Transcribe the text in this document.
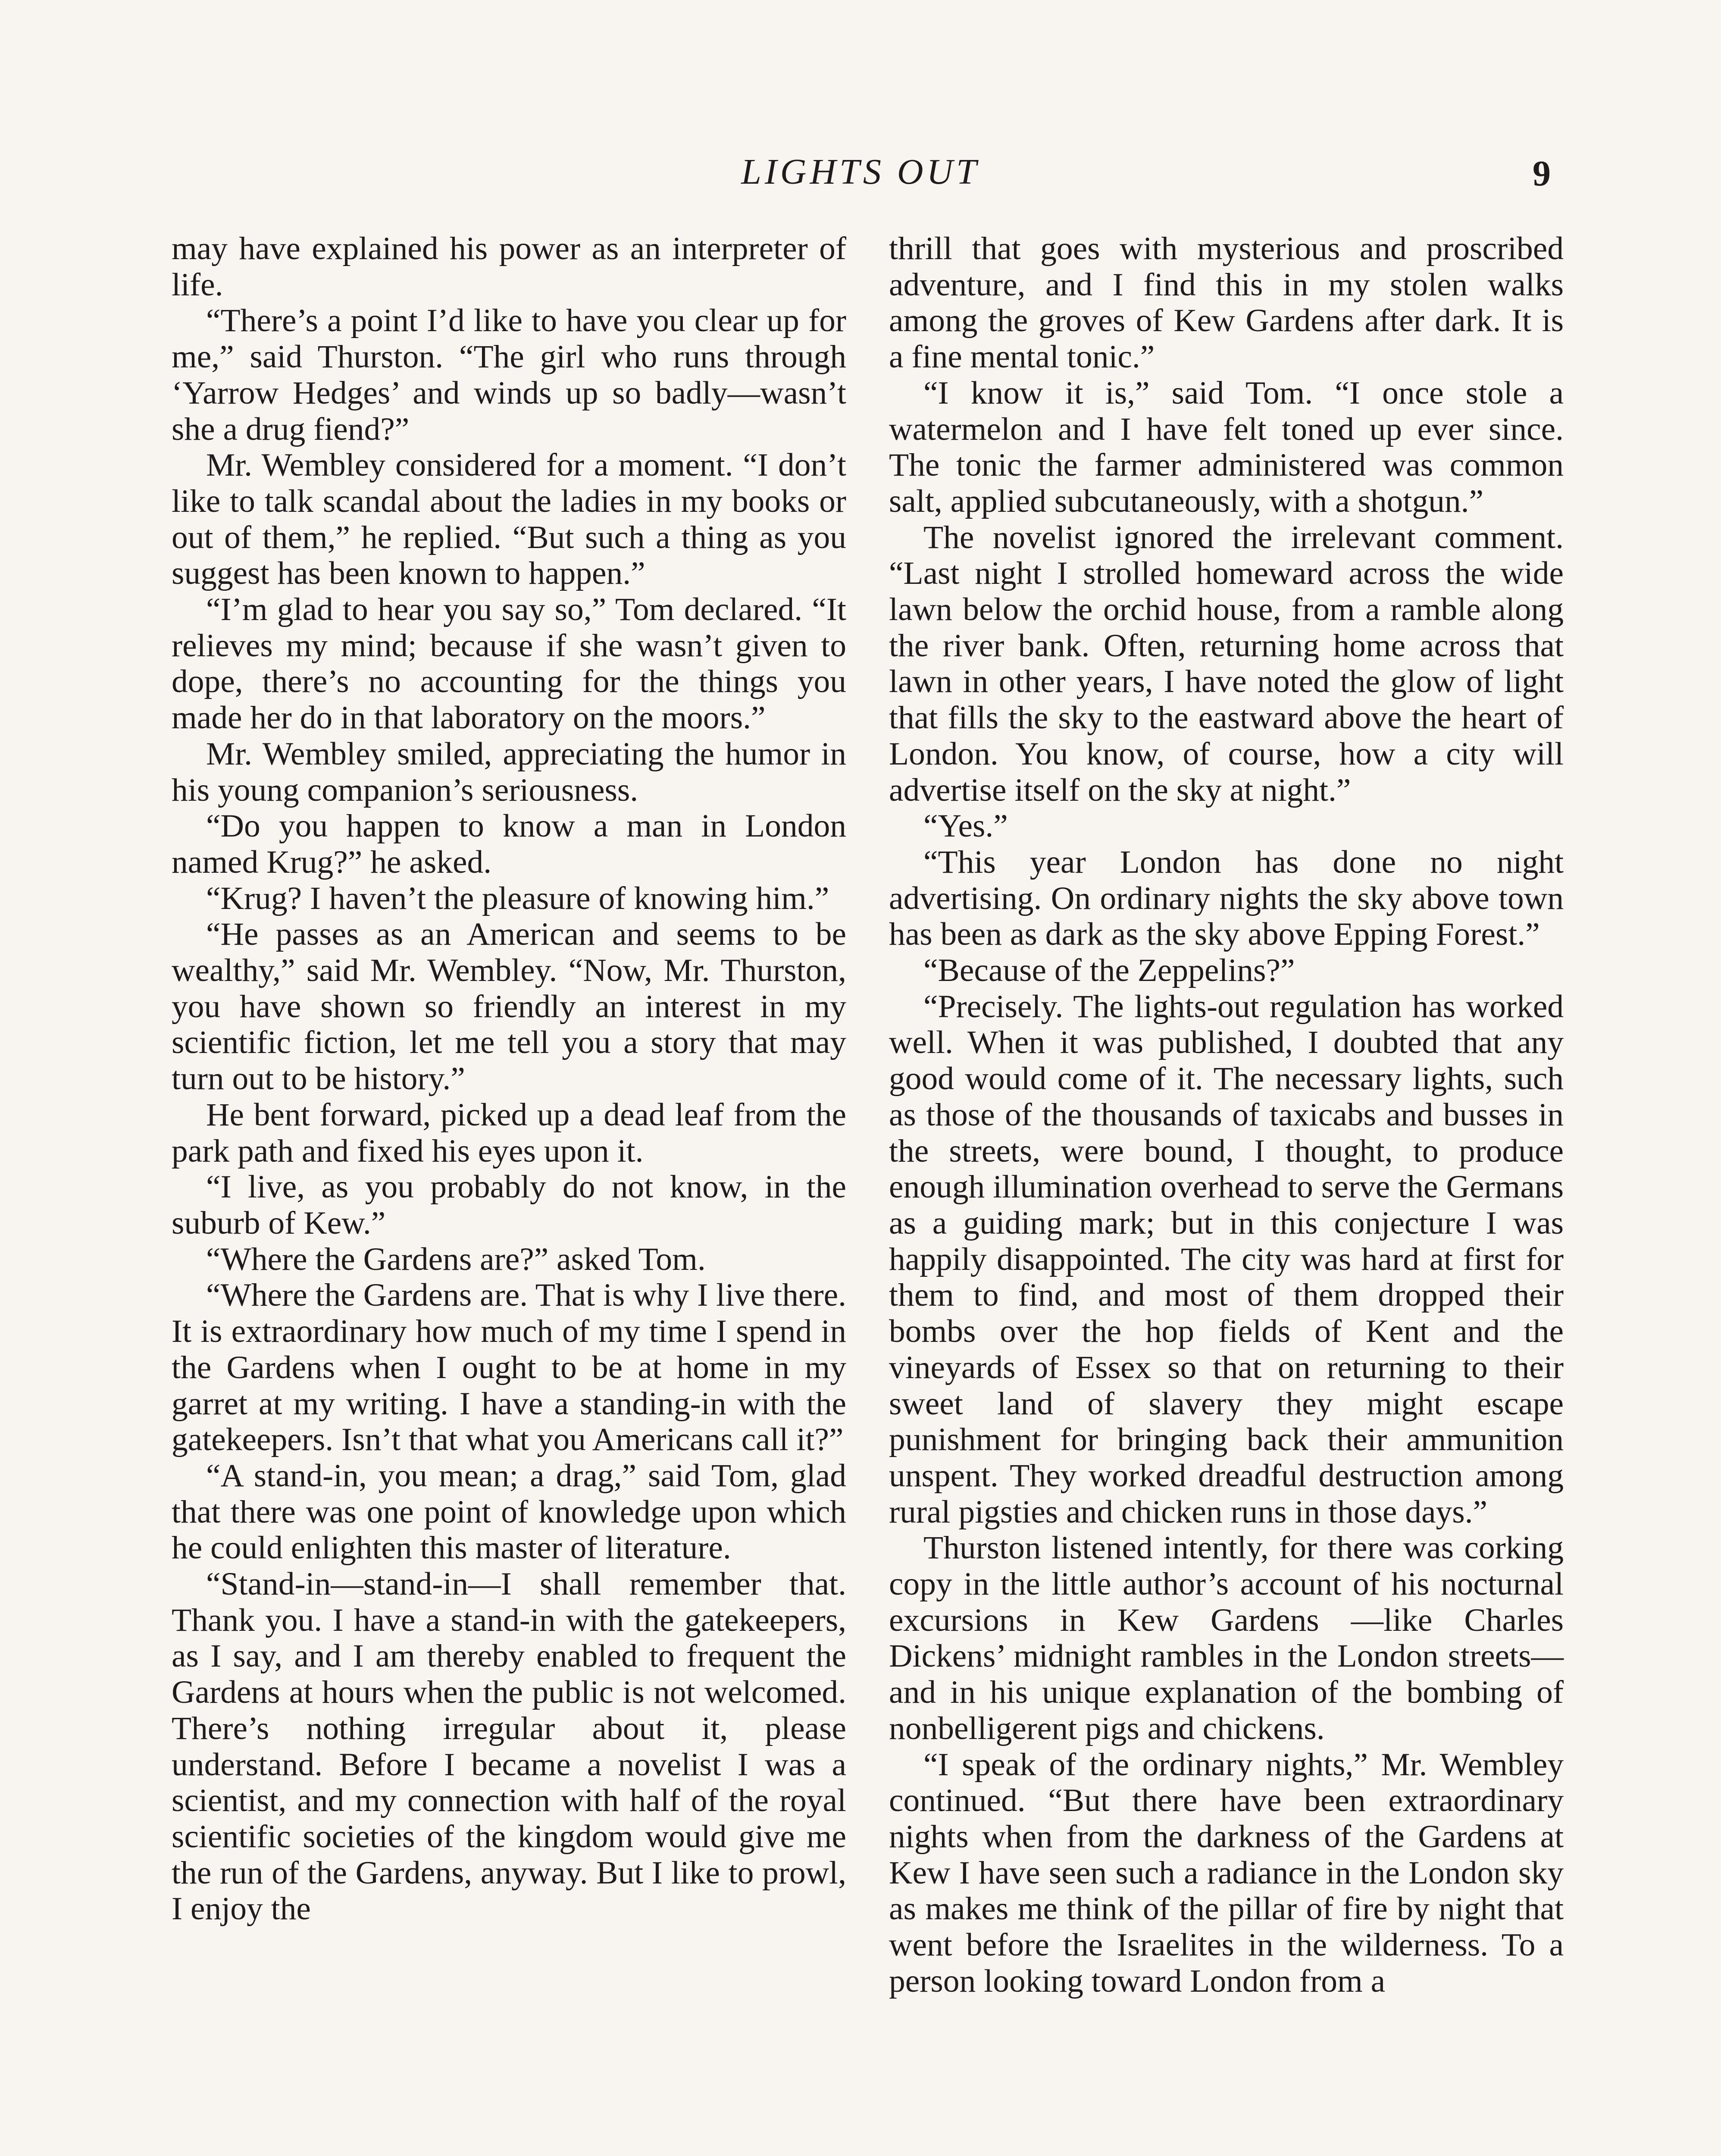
LIGHTS OUT	9

may have explained his power as an interpreter of life.

“There’s a point I’d like to have you clear up for me,” said Thurston. “The girl who runs through ‘Yarrow Hedges’ and winds up so badly—wasn’t she a drug fiend?”

Mr. Wembley considered for a moment. “I don’t like to talk scandal about the ladies in my books or out of them,” he replied. “But such a thing as you suggest has been known to happen.”

“I’m glad to hear you say so,” Tom declared. “It relieves my mind; because if she wasn’t given to dope, there’s no accounting for the things you made her do in that laboratory on the moors.”

Mr. Wembley smiled, appreciating the humor in his young companion’s seriousness.

“Do you happen to know a man in London named Krug?” he asked.

“Krug? I haven’t the pleasure of knowing him.”

“He passes as an American and seems to be wealthy,” said Mr. Wembley. “Now, Mr. Thurston, you have shown so friendly an interest in my scientific fiction, let me tell you a story that may turn out to be history.”

He bent forward, picked up a dead leaf from the park path and fixed his eyes upon it.

“I live, as you probably do not know, in the suburb of Kew.”

“Where the Gardens are?” asked Tom.

“Where the Gardens are. That is why I live there. It is extraordinary how much of my time I spend in the Gardens when I ought to be at home in my garret at my writing. I have a standing-in with the gatekeepers. Isn’t that what you Americans call it?”

“A stand-in, you mean; a drag,” said Tom, glad that there was one point of knowledge upon which he could enlighten this master of literature.

“Stand-in—stand-in—I shall remember that. Thank you. I have a stand-in with the gatekeepers, as I say, and I am thereby enabled to frequent the Gardens at hours when the public is not welcomed. There’s nothing irregular about it, please understand. Before I became a novelist I was a scientist, and my connection with half of the royal scientific societies of the kingdom would give me the run of the Gardens, anyway. But I like to prowl, I enjoy the

thrill that goes with mysterious and proscribed adventure, and I find this in my stolen walks among the groves of Kew Gardens after dark. It is a fine mental tonic.”

“I know it is,” said Tom. “I once stole a watermelon and I have felt toned up ever since. The tonic the farmer administered was common salt, applied subcutaneously, with a shotgun.”

The novelist ignored the irrelevant comment. “Last night I strolled homeward across the wide lawn below the orchid house, from a ramble along the river bank. Often, returning home across that lawn in other years, I have noted the glow of light that fills the sky to the eastward above the heart of London. You know, of course, how a city will advertise itself on the sky at night.”

“Yes.”

“This year London has done no night advertising. On ordinary nights the sky above town has been as dark as the sky above Epping Forest.”

“Because of the Zeppelins?”

“Precisely. The lights-out regulation has worked well. When it was published, I doubted that any good would come of it. The necessary lights, such as those of the thousands of taxicabs and busses in the streets, were bound, I thought, to produce enough illumination overhead to serve the Germans as a guiding mark; but in this conjecture I was happily disappointed. The city was hard at first for them to find, and most of them dropped their bombs over the hop fields of Kent and the vineyards of Essex so that on returning to their sweet land of slavery they might escape punishment for bringing back their ammunition unspent. They worked dreadful destruction among rural pigsties and chicken runs in those days.”

Thurston listened intently, for there was corking copy in the little author’s account of his nocturnal excursions in Kew Gardens —like Charles Dickens’ midnight rambles in the London streets—and in his unique explanation of the bombing of nonbelligerent pigs and chickens.

“I speak of the ordinary nights,” Mr. Wembley continued. “But there have been extraordinary nights when from the darkness of the Gardens at Kew I have seen such a radiance in the London sky as makes me think of the pillar of fire by night that went before the Israelites in the wilderness. To a person looking toward London from a
